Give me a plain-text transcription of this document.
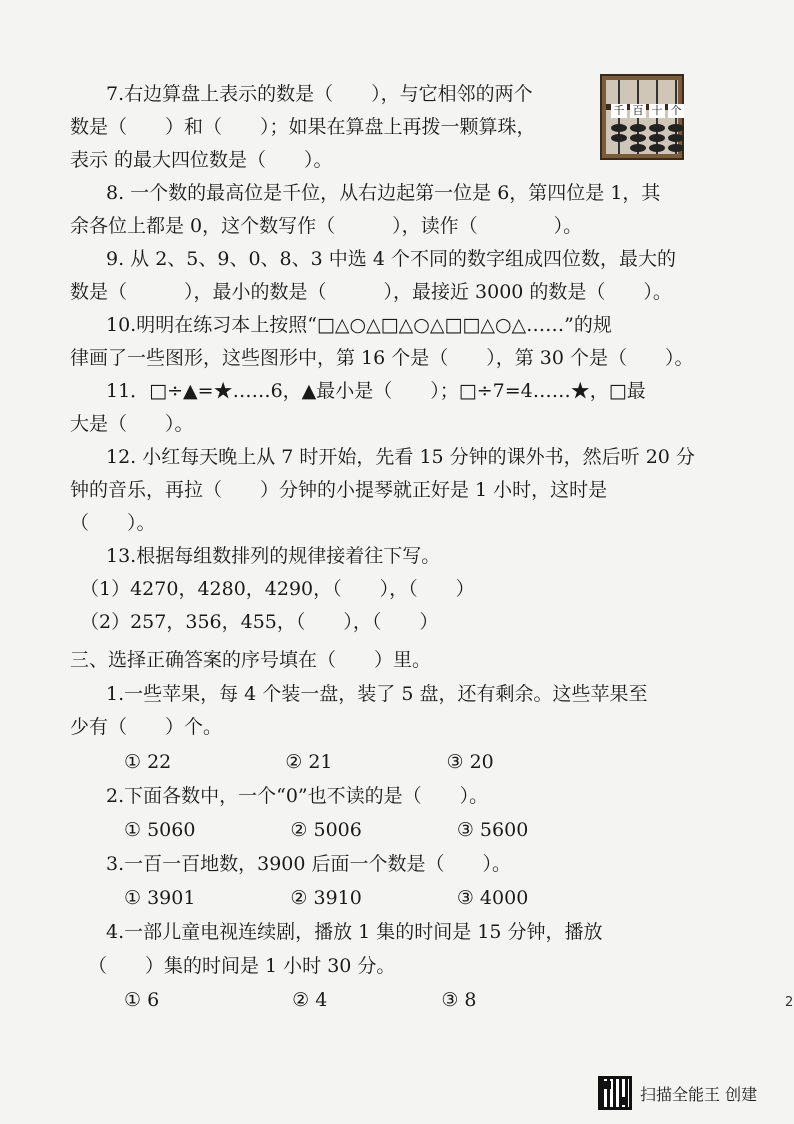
千 百 十 个
7.右边算盘上表示的数是（　　），与它相邻的两个
数是（　　）和（　　）；如果在算盘上再拨一颗算珠，
表示 的最大四位数是（　　）。
8. 一个数的最高位是千位，从右边起第一位是 6，第四位是 1，其
余各位上都是 0，这个数写作（　　　），读作（　　　　）。
9. 从 2、5、9、0、8、3 中选 4 个不同的数字组成四位数，最大的
数是（　　　），最小的数是（　　　），最接近 3000 的数是（　　）。
10.明明在练习本上按照“□△○△□△○△□□△○△……”的规
律画了一些图形，这些图形中，第 16 个是（　　），第 30 个是（　　）。
11．□÷▲=★……6，▲最小是（　　）；□÷7=4……★，□最
大是（　　）。
12. 小红每天晚上从 7 时开始，先看 15 分钟的课外书，然后听 20 分
钟的音乐，再拉（　　）分钟的小提琴就正好是 1 小时，这时是
（　　）。
13.根据每组数排列的规律接着往下写。
（1）4270，4280，4290，（　　），（　　）
（2）257，356，455，（　　），（　　）
三、选择正确答案的序号填在（　　）里。
1.一些苹果，每 4 个装一盘，装了 5 盘，还有剩余。这些苹果至
少有（　　）个。
① 22　　　　　　② 21　　　　　　③ 20
2.下面各数中，一个“0”也不读的是（　　）。
① 5060　　　　　② 5006　　　　　③ 5600
3.一百一百地数，3900 后面一个数是（　　）。
① 3901　　　　　② 3910　　　　　③ 4000
4.一部儿童电视连续剧，播放 1 集的时间是 15 分钟，播放
（　　）集的时间是 1 小时 30 分。
① 6　　　　　　　② 4　　　　　　③ 8	2
扫描全能王 创建
